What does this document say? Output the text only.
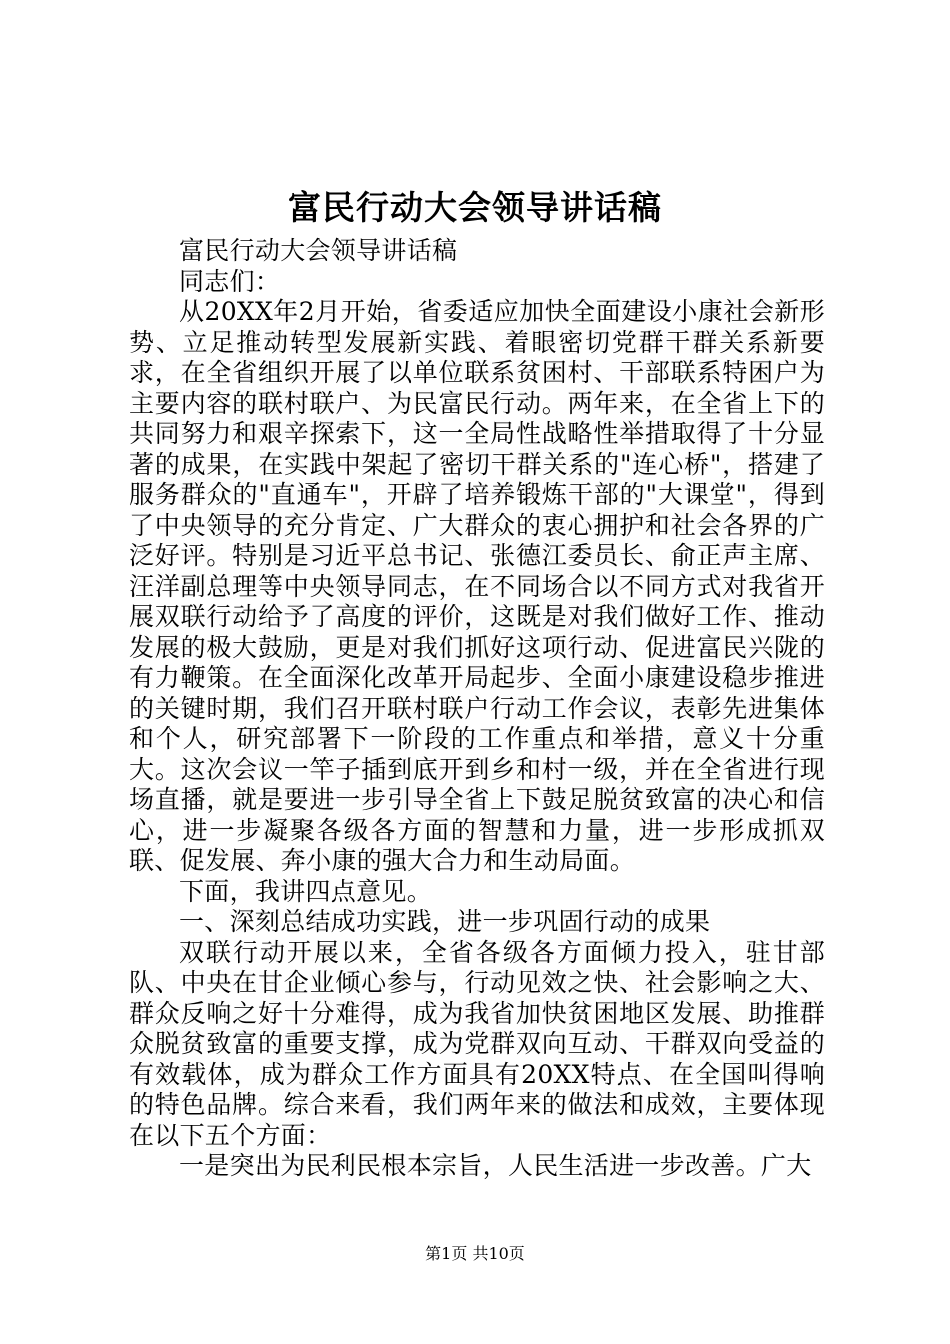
富民行动大会领导讲话稿

富民行动大会领导讲话稿

同志们：

从20XX年2月开始，省委适应加快全面建设小康社会新形势、立足推动转型发展新实践、着眼密切党群干群关系新要求，在全省组织开展了以单位联系贫困村、干部联系特困户为主要内容的联村联户、为民富民行动。两年来，在全省上下的共同努力和艰辛探索下，这一全局性战略性举措取得了十分显著的成果，在实践中架起了密切干群关系的"连心桥"，搭建了服务群众的"直通车"，开辟了培养锻炼干部的"大课堂"，得到了中央领导的充分肯定、广大群众的衷心拥护和社会各界的广泛好评。特别是习近平总书记、张德江委员长、俞正声主席、汪洋副总理等中央领导同志，在不同场合以不同方式对我省开展双联行动给予了高度的评价，这既是对我们做好工作、推动发展的极大鼓励，更是对我们抓好这项行动、促进富民兴陇的有力鞭策。在全面深化改革开局起步、全面小康建设稳步推进的关键时期，我们召开联村联户行动工作会议，表彰先进集体和个人，研究部署下一阶段的工作重点和举措，意义十分重大。这次会议一竿子插到底开到乡和村一级，并在全省进行现场直播，就是要进一步引导全省上下鼓足脱贫致富的决心和信心，进一步凝聚各级各方面的智慧和力量，进一步形成抓双联、促发展、奔小康的强大合力和生动局面。

下面，我讲四点意见。

一、深刻总结成功实践，进一步巩固行动的成果

双联行动开展以来，全省各级各方面倾力投入，驻甘部队、中央在甘企业倾心参与，行动见效之快、社会影响之大、群众反响之好十分难得，成为我省加快贫困地区发展、助推群众脱贫致富的重要支撑，成为党群双向互动、干群双向受益的有效载体，成为群众工作方面具有20XX特点、在全国叫得响的特色品牌。综合来看，我们两年来的做法和成效，主要体现在以下五个方面：

一是突出为民利民根本宗旨，人民生活进一步改善。广大

第1页 共10页
